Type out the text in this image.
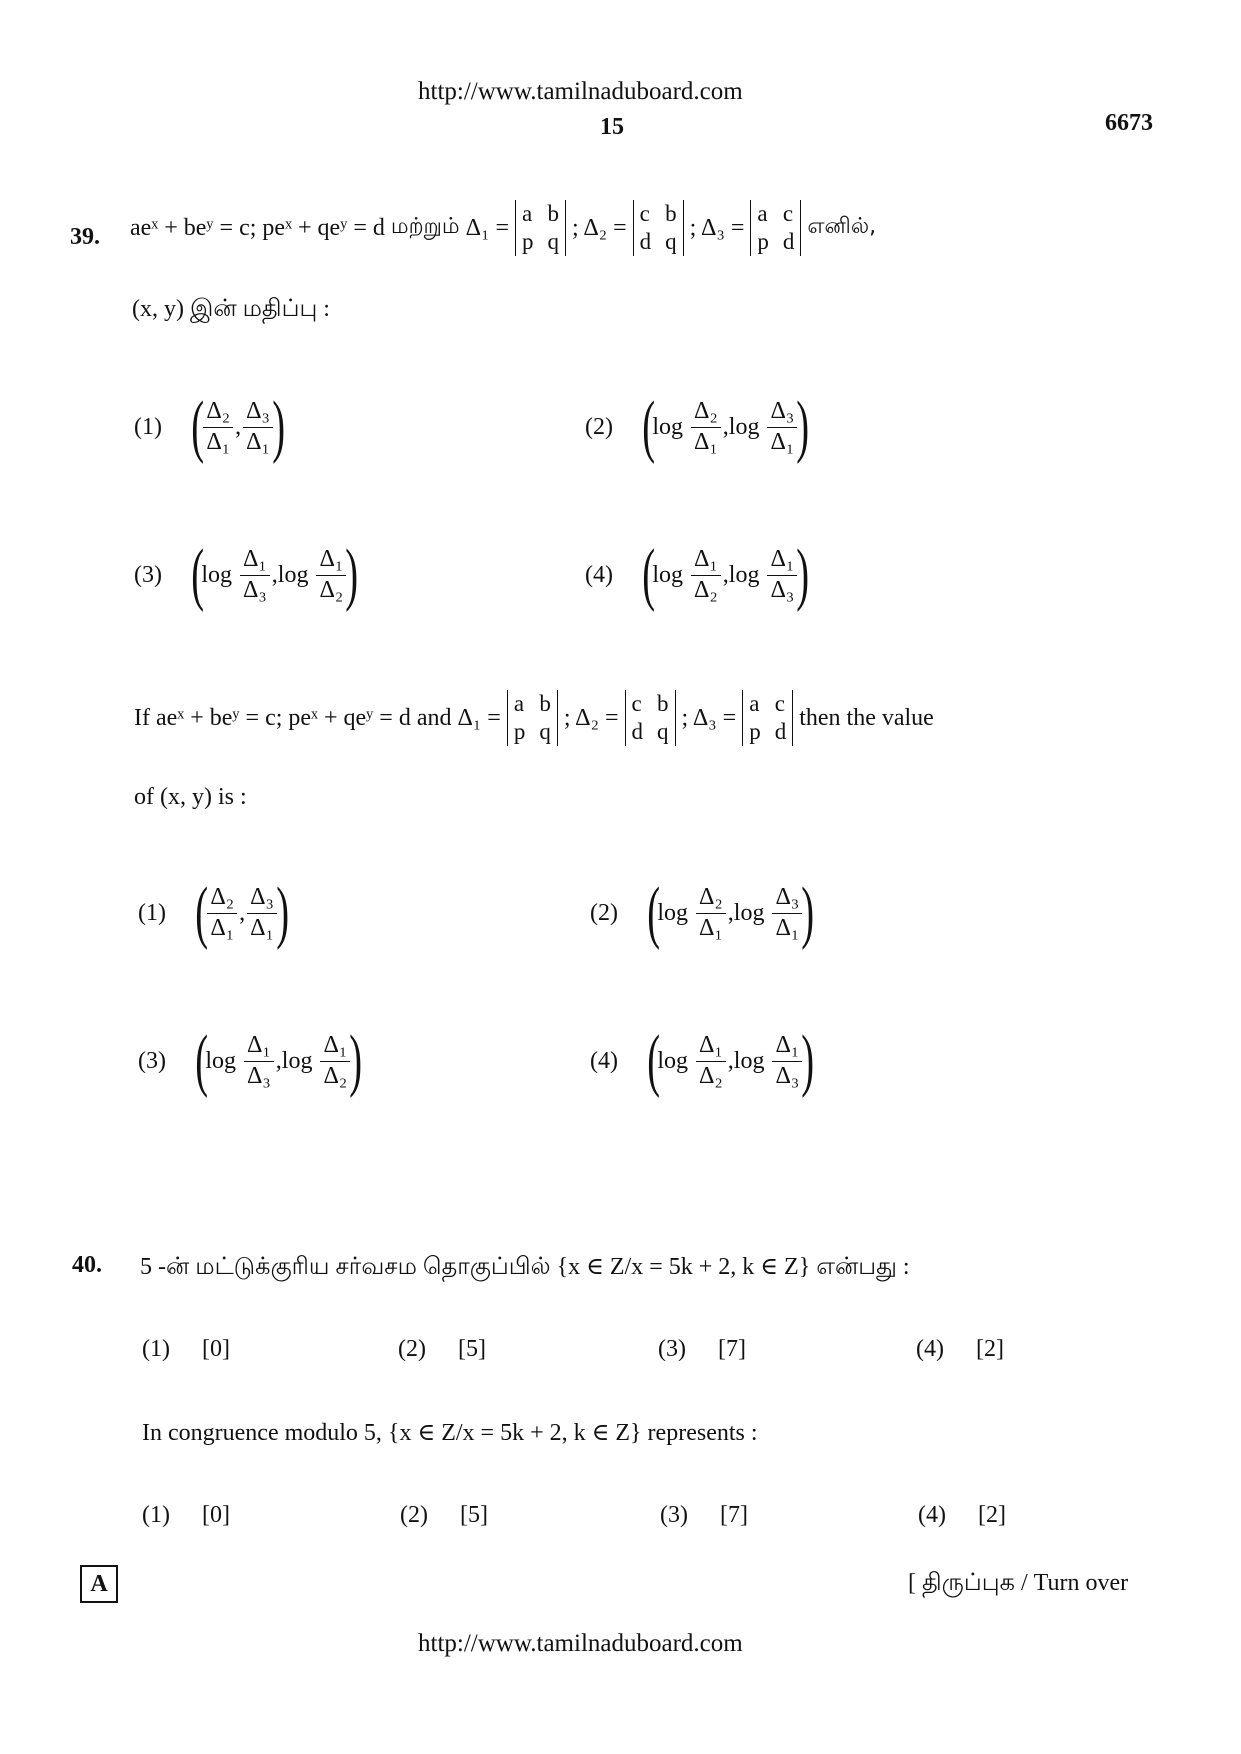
http://www.tamilnaduboard.com
15	6673
39. aeˣ + beʸ = c;
peˣ + qeʸ = d
மற்றும்
Δ₁ =
a b
p q
; Δ₂ =
c b
d q
; Δ₃ =
a c
p d
எனில்,
(x, y) இன் மதிப்பு :
(1) ( $\frac{\text{Δ₂}}{\text{Δ₁}}$ , $\frac{\text{Δ₃}}{\text{Δ₁}}$ )	(2) (
log
$\frac{\text{Δ₂}}{\text{Δ₁}}$ , log
$\frac{\text{Δ₃}}{\text{Δ₁}}$ )
(3) (
log
$\frac{\text{Δ₁}}{\text{Δ₃}}$ , log
$\frac{\text{Δ₁}}{\text{Δ₂}}$ )	(4) (
log
$\frac{\text{Δ₁}}{\text{Δ₂}}$ , log
$\frac{\text{Δ₁}}{\text{Δ₃}}$ )
If aeˣ + beʸ = c; peˣ + qeʸ = d and
Δ₁ =
a b
p q
; Δ₂ =
c b
d q
; Δ₃ =
a c
p d
then the value
of (x, y) is :
(1) ( $\frac{\text{Δ₂}}{\text{Δ₁}}$ , $\frac{\text{Δ₃}}{\text{Δ₁}}$ )	(2) (
log
$\frac{\text{Δ₂}}{\text{Δ₁}}$ , log
$\frac{\text{Δ₃}}{\text{Δ₁}}$ )
(3) (
log
$\frac{\text{Δ₁}}{\text{Δ₃}}$ , log
$\frac{\text{Δ₁}}{\text{Δ₂}}$ )	(4) (
log
$\frac{\text{Δ₁}}{\text{Δ₂}}$ , log
$\frac{\text{Δ₁}}{\text{Δ₃}}$ )
40. 5 -ன் மட்டுக்குரிய சர்வசம தொகுப்பில் {x ∈ Z/x = 5k + 2, k ∈ Z} என்பது :
(1) [0]	(2) [5]	(3) [7]	(4) [2]
In congruence modulo 5, {x ∈ Z/x = 5k + 2, k ∈ Z} represents :
(1) [0]	(2) [5]	(3) [7]	(4) [2]
A	[ திருப்புக / Turn over
http://www.tamilnaduboard.com
